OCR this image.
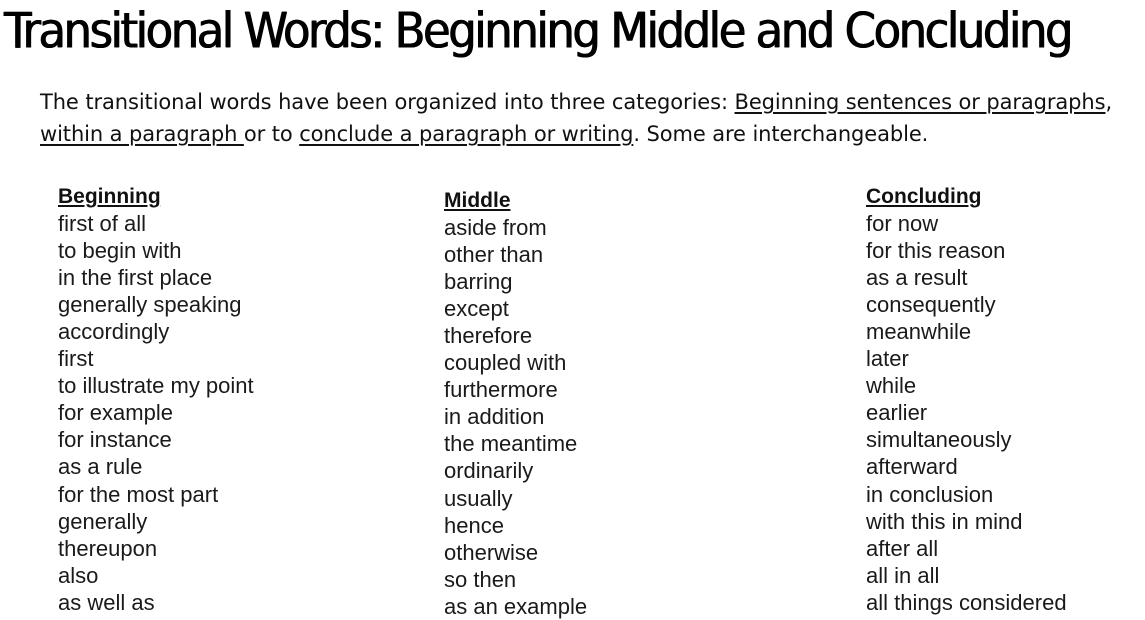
Transitional Words: Beginning Middle and Concluding

The transitional words have been organized into three categories: Beginning sentences or paragraphs, within a paragraph or to conclude a paragraph or writing. Some are interchangeable.

Beginning
first of all
to begin with
in the first place
generally speaking
accordingly
first
to illustrate my point
for example
for instance
as a rule
for the most part
generally
thereupon
also
as well as
Middle
aside from
other than
barring
except
therefore
coupled with
furthermore
in addition
the meantime
ordinarily
usually
hence
otherwise
so then
as an example
Concluding
for now
for this reason
as a result
consequently
meanwhile
later
while
earlier
simultaneously
afterward
in conclusion
with this in mind
after all
all in all
all things considered
